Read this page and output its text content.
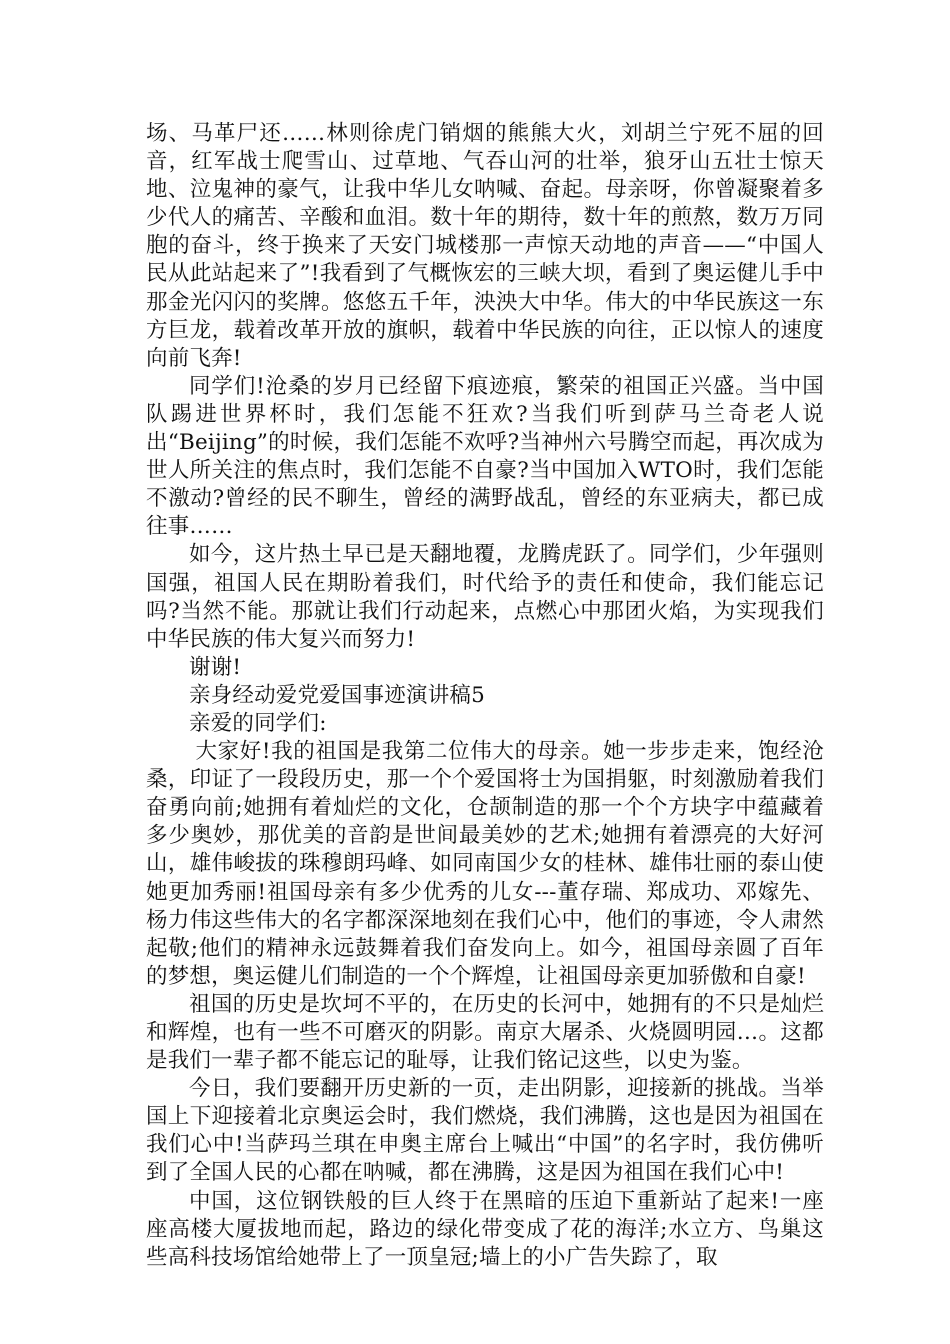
场、马革尸还……林则徐虎门销烟的熊熊大火，刘胡兰宁死不屈的回音，红军战士爬雪山、过草地、气吞山河的壮举，狼牙山五壮士惊天地、泣鬼神的豪气，让我中华儿女呐喊、奋起。母亲呀，你曾凝聚着多少代人的痛苦、辛酸和血泪。数十年的期待，数十年的煎熬，数万万同胞的奋斗，终于换来了天安门城楼那一声惊天动地的声音——“中国人民从此站起来了”!我看到了气概恢宏的三峡大坝，看到了奥运健儿手中那金光闪闪的奖牌。悠悠五千年，泱泱大中华。伟大的中华民族这一东方巨龙，载着改革开放的旗帜，载着中华民族的向往，正以惊人的速度向前飞奔!

同学们!沧桑的岁月已经留下痕迹痕，繁荣的祖国正兴盛。当中国队踢进世界杯时，我们怎能不狂欢?当我们听到萨马兰奇老人说出“Beijing”的时候，我们怎能不欢呼?当神州六号腾空而起，再次成为世人所关注的焦点时，我们怎能不自豪?当中国加入WTO时，我们怎能不激动?曾经的民不聊生，曾经的满野战乱，曾经的东亚病夫，都已成往事……

如今，这片热土早已是天翻地覆，龙腾虎跃了。同学们，少年强则国强，祖国人民在期盼着我们，时代给予的责任和使命，我们能忘记吗?当然不能。那就让我们行动起来，点燃心中那团火焰，为实现我们中华民族的伟大复兴而努力!

谢谢!

亲身经动爱党爱国事迹演讲稿5

亲爱的同学们:

大家好!我的祖国是我第二位伟大的母亲。她一步步走来，饱经沧桑，印证了一段段历史，那一个个爱国将士为国捐躯，时刻激励着我们奋勇向前;她拥有着灿烂的文化，仓颉制造的那一个个方块字中蕴藏着多少奥妙，那优美的音韵是世间最美妙的艺术;她拥有着漂亮的大好河山，雄伟峻拔的珠穆朗玛峰、如同南国少女的桂林、雄伟壮丽的泰山使她更加秀丽!祖国母亲有多少优秀的儿女---董存瑞、郑成功、邓嫁先、杨力伟这些伟大的名字都深深地刻在我们心中，他们的事迹，令人肃然起敬;他们的精神永远鼓舞着我们奋发向上。如今，祖国母亲圆了百年的梦想，奥运健儿们制造的一个个辉煌，让祖国母亲更加骄傲和自豪!

祖国的历史是坎坷不平的，在历史的长河中，她拥有的不只是灿烂和辉煌，也有一些不可磨灭的阴影。南京大屠杀、火烧圆明园…。这都是我们一辈子都不能忘记的耻辱，让我们铭记这些，以史为鉴。

今日，我们要翻开历史新的一页，走出阴影，迎接新的挑战。当举国上下迎接着北京奥运会时，我们燃烧，我们沸腾，这也是因为祖国在我们心中!当萨玛兰琪在申奥主席台上喊出“中国”的名字时，我仿佛听到了全国人民的心都在呐喊，都在沸腾，这是因为祖国在我们心中!

中国，这位钢铁般的巨人终于在黑暗的压迫下重新站了起来!一座座高楼大厦拔地而起，路边的绿化带变成了花的海洋;水立方、鸟巢这些高科技场馆给她带上了一顶皇冠;墙上的小广告失踪了，取
